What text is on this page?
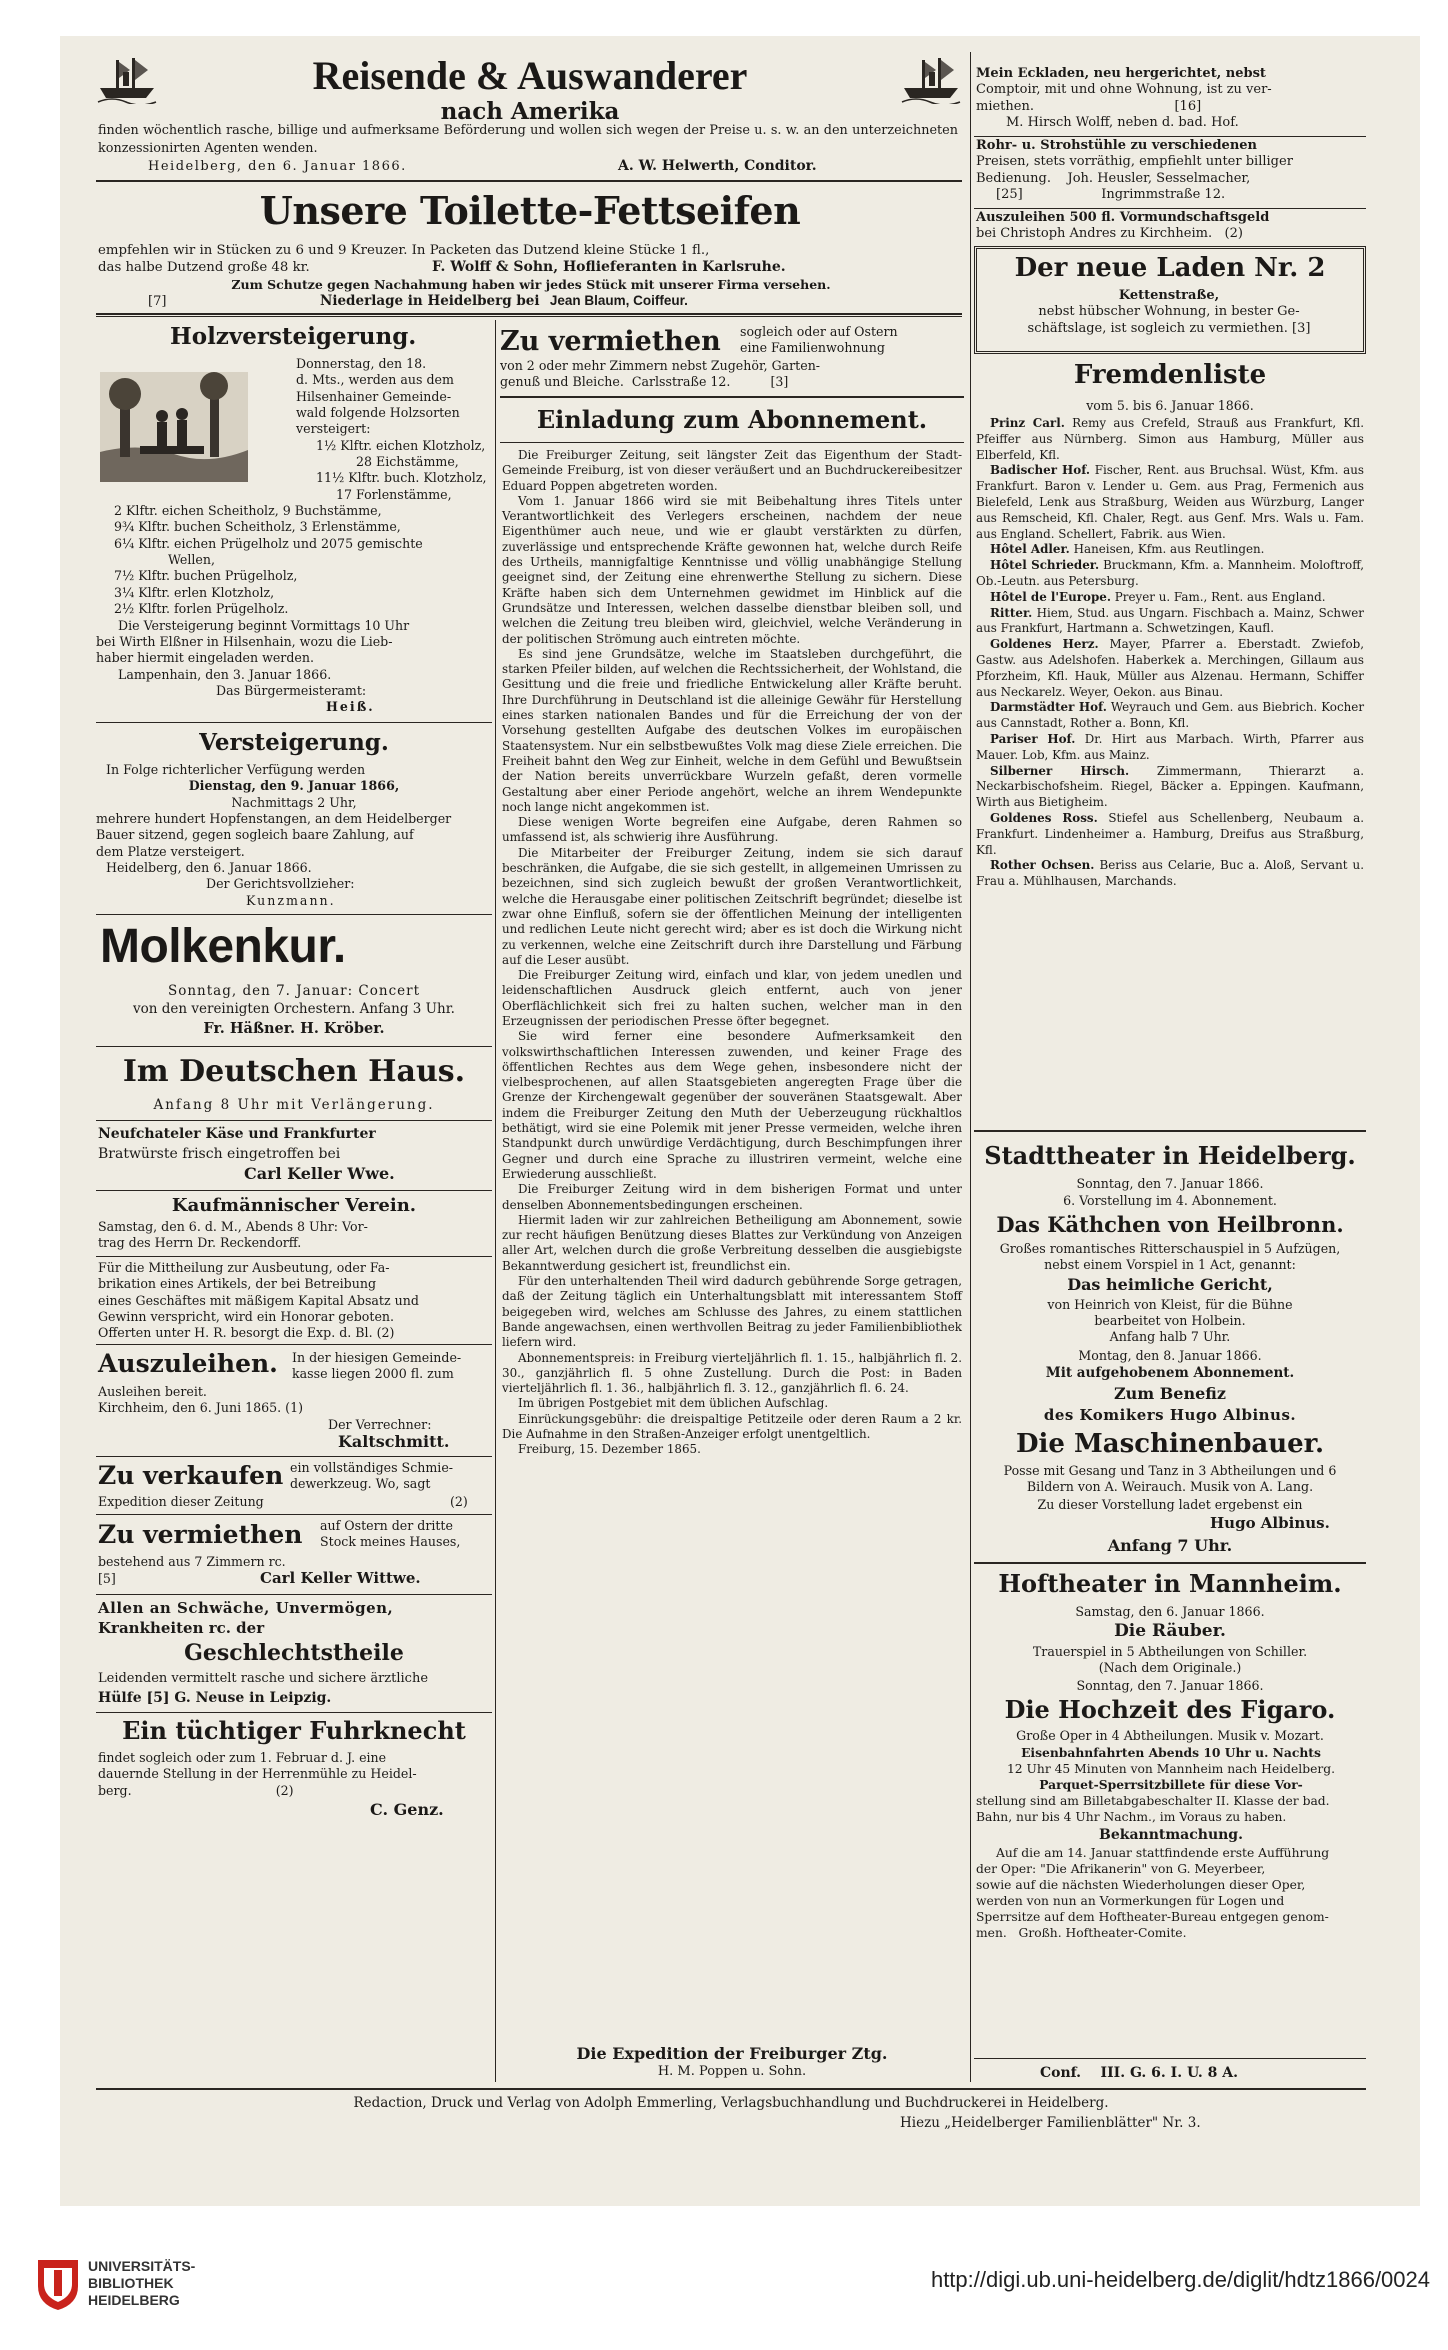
Reisende & Auswanderer
nach Amerika
finden wöchentlich rasche, billige und aufmerksame Beförderung und wollen sich wegen der Preise u. s. w. an den unterzeichneten konzessionirten Agenten wenden.
Heidelberg, den 6. Januar 1866.	A. W. Helwerth, Conditor.
Unsere Toilette-Fettseifen
empfehlen wir in Stücken zu 6 und 9 Kreuzer. In Packeten das Dutzend kleine Stücke 1 fl.,
das halbe Dutzend große 48 kr.	F. Wolff & Sohn, Hoflieferanten in Karlsruhe.
Zum Schutze gegen Nachahmung haben wir jedes Stück mit unserer Firma versehen.
[7]	Niederlage in Heidelberg bei Jean Blaum, Coiffeur.
Holzversteigerung.

Donnerstag, den 18.

d. Mts., werden aus dem

Hilsenhainer Gemeinde-

wald folgende Holzsorten

versteigert:

1½ Klftr. eichen Klotzholz,

28 Eichstämme,

11½ Klftr. buch. Klotzholz,

17 Forlenstämme,

2 Klftr. eichen Scheitholz, 9 Buchstämme,

9¾ Klftr. buchen Scheitholz, 3 Erlenstämme,

6¼ Klftr. eichen Prügelholz und 2075 gemischte

Wellen,

7½ Klftr. buchen Prügelholz,

3¼ Klftr. erlen Klotzholz,

2½ Klftr. forlen Prügelholz.

Die Versteigerung beginnt Vormittags 10 Uhr

bei Wirth Elßner in Hilsenhain, wozu die Lieb-

haber hiermit eingeladen werden.

Lampenhain, den 3. Januar 1866.

Das Bürgermeisteramt:

Heiß.

Versteigerung.

In Folge richterlicher Verfügung werden

Dienstag, den 9. Januar 1866,

Nachmittags 2 Uhr,

mehrere hundert Hopfenstangen, an dem Heidelberger

Bauer sitzend, gegen sogleich baare Zahlung, auf

dem Platze versteigert.

Heidelberg, den 6. Januar 1866.

Der Gerichtsvollzieher:

Kunzmann.

Molkenkur.
Sonntag, den 7. Januar: Concert
von den vereinigten Orchestern. Anfang 3 Uhr.
Fr. Häßner. H. Kröber.
Im Deutschen Haus.
Anfang 8 Uhr mit Verlängerung.
Neufchateler Käse und Frankfurter
Bratwürste frisch eingetroffen bei
Carl Keller Wwe.
Kaufmännischer Verein.

Samstag, den 6. d. M., Abends 8 Uhr: Vor-

trag des Herrn Dr. Reckendorff.

Für die Mittheilung zur Ausbeutung, oder Fa-

brikation eines Artikels, der bei Betreibung

eines Geschäftes mit mäßigem Kapital Absatz und

Gewinn verspricht, wird ein Honorar geboten.

Offerten unter H. R. besorgt die Exp. d. Bl. (2)

Auszuleihen.	In der hiesigen Gemeinde-

kasse liegen 2000 fl. zum

Ausleihen bereit.

Kirchheim, den 6. Juni 1865. (1)

Der Verrechner:

Kaltschmitt.
Zu verkaufen ein vollständiges Schmie-

dewerkzeug. Wo, sagt

Expedition dieser Zeitung	(2)
Zu vermiethen	auf Ostern der dritte

Stock meines Hauses,

bestehend aus 7 Zimmern rc.
[5]	Carl Keller Wittwe.
Allen an Schwäche, Unvermögen,
Krankheiten rc. der
Geschlechtstheile
Leidenden vermittelt rasche und sichere ärztliche
Hülfe [5] G. Neuse in Leipzig.
Ein tüchtiger Fuhrknecht

findet sogleich oder zum 1. Februar d. J. eine

dauernde Stellung in der Herrenmühle zu Heidel-

berg.                                    (2)

C. Genz.
Zu vermiethen	sogleich oder auf Ostern

eine Familienwohnung

von 2 oder mehr Zimmern nebst Zugehör, Garten-

genuß und Bleiche.  Carlsstraße 12.          [3]

Einladung zum Abonnement.

Die Freiburger Zeitung, seit längster Zeit das Eigenthum der Stadt-Gemeinde Freiburg, ist von dieser veräußert und an Buchdruckereibesitzer Eduard Poppen abgetreten worden.

Vom 1. Januar 1866 wird sie mit Beibehaltung ihres Titels unter Verantwortlichkeit des Verlegers erscheinen, nachdem der neue Eigenthümer auch neue, und wie er glaubt verstärkten zu dürfen, zuverlässige und entsprechende Kräfte gewonnen hat, welche durch Reife des Urtheils, mannigfaltige Kenntnisse und völlig unabhängige Stellung geeignet sind, der Zeitung eine ehrenwerthe Stellung zu sichern. Diese Kräfte haben sich dem Unternehmen gewidmet im Hinblick auf die Grundsätze und Interessen, welchen dasselbe dienstbar bleiben soll, und welchen die Zeitung treu bleiben wird, gleichviel, welche Veränderung in der politischen Strömung auch eintreten möchte.

Es sind jene Grundsätze, welche im Staatsleben durchgeführt, die starken Pfeiler bilden, auf welchen die Rechtssicherheit, der Wohlstand, die Gesittung und die freie und friedliche Entwickelung aller Kräfte beruht. Ihre Durchführung in Deutschland ist die alleinige Gewähr für Herstellung eines starken nationalen Bandes und für die Erreichung der von der Vorsehung gestellten Aufgabe des deutschen Volkes im europäischen Staatensystem. Nur ein selbstbewußtes Volk mag diese Ziele erreichen. Die Freiheit bahnt den Weg zur Einheit, welche in dem Gefühl und Bewußtsein der Nation bereits unverrückbare Wurzeln gefaßt, deren vormelle Gestaltung aber einer Periode angehört, welche an ihrem Wendepunkte noch lange nicht angekommen ist.

Diese wenigen Worte begreifen eine Aufgabe, deren Rahmen so umfassend ist, als schwierig ihre Ausführung.

Die Mitarbeiter der Freiburger Zeitung, indem sie sich darauf beschränken, die Aufgabe, die sie sich gestellt, in allgemeinen Umrissen zu bezeichnen, sind sich zugleich bewußt der großen Verantwortlichkeit, welche die Herausgabe einer politischen Zeitschrift begründet; dieselbe ist zwar ohne Einfluß, sofern sie der öffentlichen Meinung der intelligenten und redlichen Leute nicht gerecht wird; aber es ist doch die Wirkung nicht zu verkennen, welche eine Zeitschrift durch ihre Darstellung und Färbung auf die Leser ausübt.

Die Freiburger Zeitung wird, einfach und klar, von jedem unedlen und leidenschaftlichen Ausdruck gleich entfernt, auch von jener Oberflächlichkeit sich frei zu halten suchen, welcher man in den Erzeugnissen der periodischen Presse öfter begegnet.

Sie wird ferner eine besondere Aufmerksamkeit den volkswirthschaftlichen Interessen zuwenden, und keiner Frage des öffentlichen Rechtes aus dem Wege gehen, insbesondere nicht der vielbesprochenen, auf allen Staatsgebieten angeregten Frage über die Grenze der Kirchengewalt gegenüber der souveränen Staatsgewalt. Aber indem die Freiburger Zeitung den Muth der Ueberzeugung rückhaltlos bethätigt, wird sie eine Polemik mit jener Presse vermeiden, welche ihren Standpunkt durch unwürdige Verdächtigung, durch Beschimpfungen ihrer Gegner und durch eine Sprache zu illustriren vermeint, welche eine Erwiederung ausschließt.

Die Freiburger Zeitung wird in dem bisherigen Format und unter denselben Abonnementsbedingungen erscheinen.

Hiermit laden wir zur zahlreichen Betheiligung am Abonnement, sowie zur recht häufigen Benützung dieses Blattes zur Verkündung von Anzeigen aller Art, welchen durch die große Verbreitung desselben die ausgiebigste Bekanntwerdung gesichert ist, freundlichst ein.

Für den unterhaltenden Theil wird dadurch gebührende Sorge getragen, daß der Zeitung täglich ein Unterhaltungsblatt mit interessantem Stoff beigegeben wird, welches am Schlusse des Jahres, zu einem stattlichen Bande angewachsen, einen werthvollen Beitrag zu jeder Familienbibliothek liefern wird.

Abonnementspreis: in Freiburg vierteljährlich fl. 1. 15., halbjährlich fl. 2. 30., ganzjährlich fl. 5 ohne Zustellung. Durch die Post: in Baden vierteljährlich fl. 1. 36., halbjährlich fl. 3. 12., ganzjährlich fl. 6. 24.

Im übrigen Postgebiet mit dem üblichen Aufschlag.

Einrückungsgebühr: die dreispaltige Petitzeile oder deren Raum a 2 kr. Die Aufnahme in den Straßen-Anzeiger erfolgt unentgeltlich.

Freiburg, 15. Dezember 1865.

Die Expedition der Freiburger Ztg.
H. M. Poppen u. Sohn.

Mein Eckladen, neu hergerichtet, nebst

Comptoir, mit und ohne Wohnung, ist zu ver-

miethen.                                  [16]

M. Hirsch Wolff, neben d. bad. Hof.

Rohr- u. Strohstühle zu verschiedenen

Preisen, stets vorräthig, empfiehlt unter billiger

Bedienung.    Joh. Heusler, Sesselmacher,

[25]                   Ingrimmstraße 12.

Auszuleihen 500 fl. Vormundschaftsgeld

bei Christoph Andres zu Kirchheim.   (2)

Der neue Laden Nr. 2

Kettenstraße,

nebst hübscher Wohnung, in bester Ge-

schäftslage, ist sogleich zu vermiethen. [3]

Fremdenliste
vom 5. bis 6. Januar 1866.

Prinz Carl. Remy aus Crefeld, Strauß aus Frankfurt, Kfl. Pfeiffer aus Nürnberg. Simon aus Hamburg, Müller aus Elberfeld, Kfl.

Badischer Hof. Fischer, Rent. aus Bruchsal. Wüst, Kfm. aus Frankfurt. Baron v. Lender u. Gem. aus Prag, Fermenich aus Bielefeld, Lenk aus Straßburg, Weiden aus Würzburg, Langer aus Remscheid, Kfl. Chaler, Regt. aus Genf. Mrs. Wals u. Fam. aus England. Schellert, Fabrik. aus Wien.

Hôtel Adler. Haneisen, Kfm. aus Reutlingen.

Hôtel Schrieder. Bruckmann, Kfm. a. Mannheim. Moloftroff, Ob.-Leutn. aus Petersburg.

Hôtel de l'Europe. Preyer u. Fam., Rent. aus England.

Ritter. Hiem, Stud. aus Ungarn. Fischbach a. Mainz, Schwer aus Frankfurt, Hartmann a. Schwetzingen, Kaufl.

Goldenes Herz. Mayer, Pfarrer a. Eberstadt. Zwiefob, Gastw. aus Adelshofen. Haberkek a. Merchingen, Gillaum aus Pforzheim, Kfl. Hauk, Müller aus Alzenau. Hermann, Schiffer aus Neckarelz. Weyer, Oekon. aus Binau.

Darmstädter Hof. Weyrauch und Gem. aus Biebrich. Kocher aus Cannstadt, Rother a. Bonn, Kfl.

Pariser Hof. Dr. Hirt aus Marbach. Wirth, Pfarrer aus Mauer. Lob, Kfm. aus Mainz.

Silberner Hirsch. Zimmermann, Thierarzt a. Neckarbischofsheim. Riegel, Bäcker a. Eppingen. Kaufmann, Wirth aus Bietigheim.

Goldenes Ross. Stiefel aus Schellenberg, Neubaum a. Frankfurt. Lindenheimer a. Hamburg, Dreifus aus Straßburg, Kfl.

Rother Ochsen. Beriss aus Celarie, Buc a. Aloß, Servant u. Frau a. Mühlhausen, Marchands.

Stadttheater in Heidelberg.
Sonntag, den 7. Januar 1866.
6. Vorstellung im 4. Abonnement.
Das Käthchen von Heilbronn.
Großes romantisches Ritterschauspiel in 5 Aufzügen,
nebst einem Vorspiel in 1 Act, genannt:
Das heimliche Gericht,
von Heinrich von Kleist, für die Bühne
bearbeitet von Holbein.
Anfang halb 7 Uhr.
Montag, den 8. Januar 1866.
Mit aufgehobenem Abonnement.
Zum Benefiz
des Komikers Hugo Albinus.
Die Maschinenbauer.
Posse mit Gesang und Tanz in 3 Abtheilungen und 6
Bildern von A. Weirauch. Musik von A. Lang.
Zu dieser Vorstellung ladet ergebenst ein
Hugo Albinus.
Anfang 7 Uhr.
Hoftheater in Mannheim.
Samstag, den 6. Januar 1866.
Die Räuber.
Trauerspiel in 5 Abtheilungen von Schiller.
(Nach dem Originale.)
Sonntag, den 7. Januar 1866.
Die Hochzeit des Figaro.
Große Oper in 4 Abtheilungen. Musik v. Mozart.

Eisenbahnfahrten Abends 10 Uhr u. Nachts

12 Uhr 45 Minuten von Mannheim nach Heidelberg.

Parquet-Sperrsitzbillete für diese Vor-

stellung sind am Billetabgabeschalter II. Klasse der bad.

Bahn, nur bis 4 Uhr Nachm., im Voraus zu haben.

Bekanntmachung.

Auf die am 14. Januar stattfindende erste Aufführung

der Oper: "Die Afrikanerin" von G. Meyerbeer,

sowie auf die nächsten Wiederholungen dieser Oper,

werden von nun an Vormerkungen für Logen und

Sperrsitze auf dem Hoftheater-Bureau entgegen genom-

men.   Großh. Hoftheater-Comite.

Conf.    III. G. 6. I. U. 8 A.
Redaction, Druck und Verlag von Adolph Emmerling, Verlagsbuchhandlung und Buchdruckerei in Heidelberg.
Hiezu „Heidelberger Familienblätter" Nr. 3.
UNIVERSITÄTS-
BIBLIOTHEK
HEIDELBERG
http://digi.ub.uni-heidelberg.de/diglit/hdtz1866/0024
